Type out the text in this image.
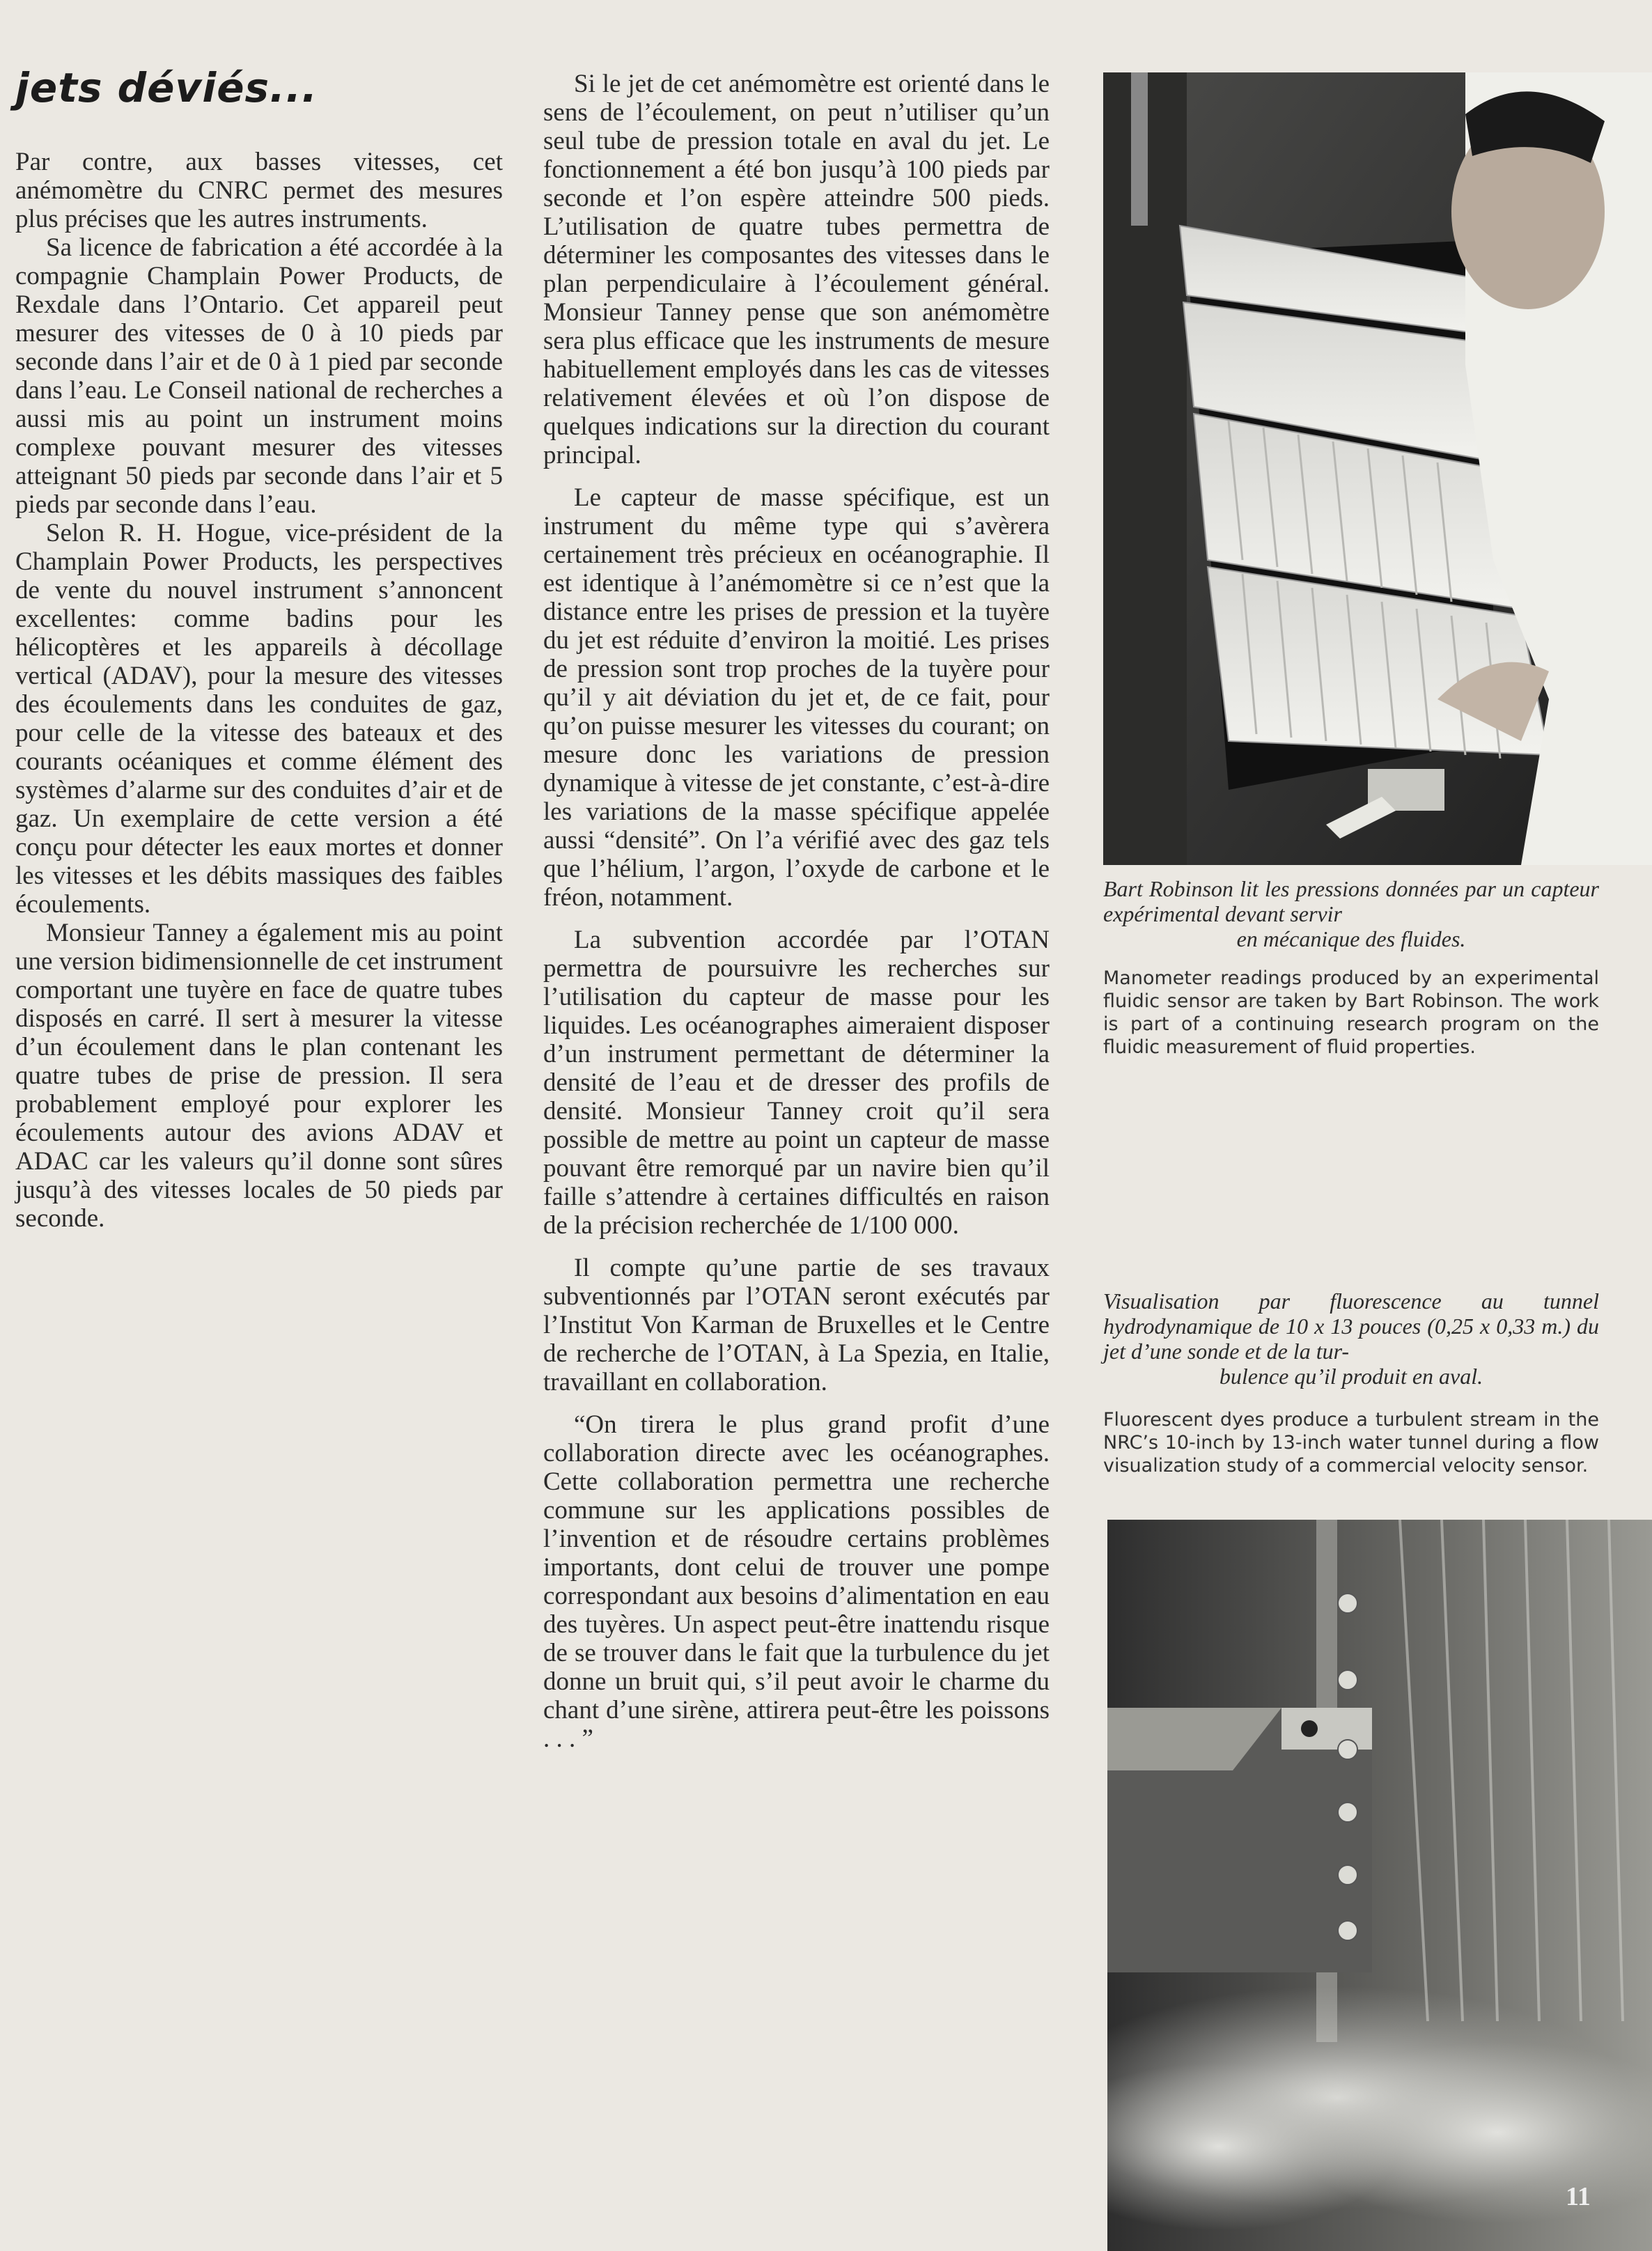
jets déviés...

Par contre, aux basses vitesses, cet anémomètre du CNRC permet des mesures plus précises que les autres instruments.

Sa licence de fabrication a été accordée à la compagnie Champlain Power Products, de Rexdale dans l’Ontario. Cet appareil peut mesurer des vitesses de 0 à 10 pieds par seconde dans l’air et de 0 à 1 pied par seconde dans l’eau. Le Conseil national de recherches a aussi mis au point un instrument moins complexe pouvant mesurer des vitesses atteignant 50 pieds par seconde dans l’air et 5 pieds par seconde dans l’eau.

Selon R. H. Hogue, vice-président de la Champlain Power Products, les perspectives de vente du nouvel instrument s’annoncent excellentes: comme badins pour les hélicoptères et les appareils à décollage vertical (ADAV), pour la mesure des vitesses des écoulements dans les conduites de gaz, pour celle de la vitesse des bateaux et des courants océaniques et comme élément des systèmes d’alarme sur des conduites d’air et de gaz. Un exemplaire de cette version a été conçu pour détecter les eaux mortes et donner les vitesses et les débits massiques des faibles écoulements.

Monsieur Tanney a également mis au point une version bidimensionnelle de cet instrument comportant une tuyère en face de quatre tubes disposés en carré. Il sert à mesurer la vitesse d’un écoulement dans le plan contenant les quatre tubes de prise de pression. Il sera probablement employé pour explorer les écoulements autour des avions ADAV et ADAC car les valeurs qu’il donne sont sûres jusqu’à des vitesses locales de 50 pieds par seconde.

Si le jet de cet anémomètre est orienté dans le sens de l’écoulement, on peut n’utiliser qu’un seul tube de pression totale en aval du jet. Le fonctionnement a été bon jusqu’à 100 pieds par seconde et l’on espère atteindre 500 pieds. L’utilisation de quatre tubes permettra de déterminer les composantes des vitesses dans le plan perpendiculaire à l’écoulement général. Monsieur Tanney pense que son anémomètre sera plus efficace que les instruments de mesure habituellement employés dans les cas de vitesses relativement élevées et où l’on dispose de quelques indications sur la direction du courant principal.

Le capteur de masse spécifique, est un instrument du même type qui s’avèrera certainement très précieux en océanographie. Il est identique à l’anémomètre si ce n’est que la distance entre les prises de pression et la tuyère du jet est réduite d’environ la moitié. Les prises de pression sont trop proches de la tuyère pour qu’il y ait déviation du jet et, de ce fait, pour qu’on puisse mesurer les vitesses du courant; on mesure donc les variations de pression dynamique à vitesse de jet constante, c’est-à-dire les variations de la masse spécifique appelée aussi “densité”. On l’a vérifié avec des gaz tels que l’hélium, l’argon, l’oxyde de carbone et le fréon, notamment.

La subvention accordée par l’OTAN permettra de poursuivre les recherches sur l’utilisation du capteur de masse pour les liquides. Les océanographes aimeraient disposer d’un instrument permettant de déterminer la densité de l’eau et de dresser des profils de densité. Monsieur Tanney croit qu’il sera possible de mettre au point un capteur de masse pouvant être remorqué par un navire bien qu’il faille s’attendre à certaines difficultés en raison de la précision recherchée de 1/100 000.

Il compte qu’une partie de ses travaux subventionnés par l’OTAN seront exécutés par l’Institut Von Karman de Bruxelles et le Centre de recherche de l’OTAN, à La Spezia, en Italie, travaillant en collaboration.

“On tirera le plus grand profit d’une collaboration directe avec les océanographes. Cette collaboration permettra une recherche commune sur les applications possibles de l’invention et de résoudre certains problèmes importants, dont celui de trouver une pompe correspondant aux besoins d’alimentation en eau des tuyères. Un aspect peut-être inattendu risque de se trouver dans le fait que la turbulence du jet donne un bruit qui, s’il peut avoir le charme du chant d’une sirène, attirera peut-être les poissons . . . ”

Bart Robinson lit les pressions données par un capteur expérimental devant servir
en mécanique des fluides.
Manometer readings produced by an experimental fluidic sensor are taken by Bart Robinson. The work is part of a continuing research program on the fluidic measurement of fluid properties.
Visualisation par fluorescence au tunnel hydrodynamique de 10 x 13 pouces (0,25 x 0,33 m.) du jet d’une sonde et de la tur-
bulence qu’il produit en aval.
Fluorescent dyes produce a turbulent stream in the NRC’s 10-inch by 13-inch water tunnel during a flow visualization study of a commercial velocity sensor.
11
